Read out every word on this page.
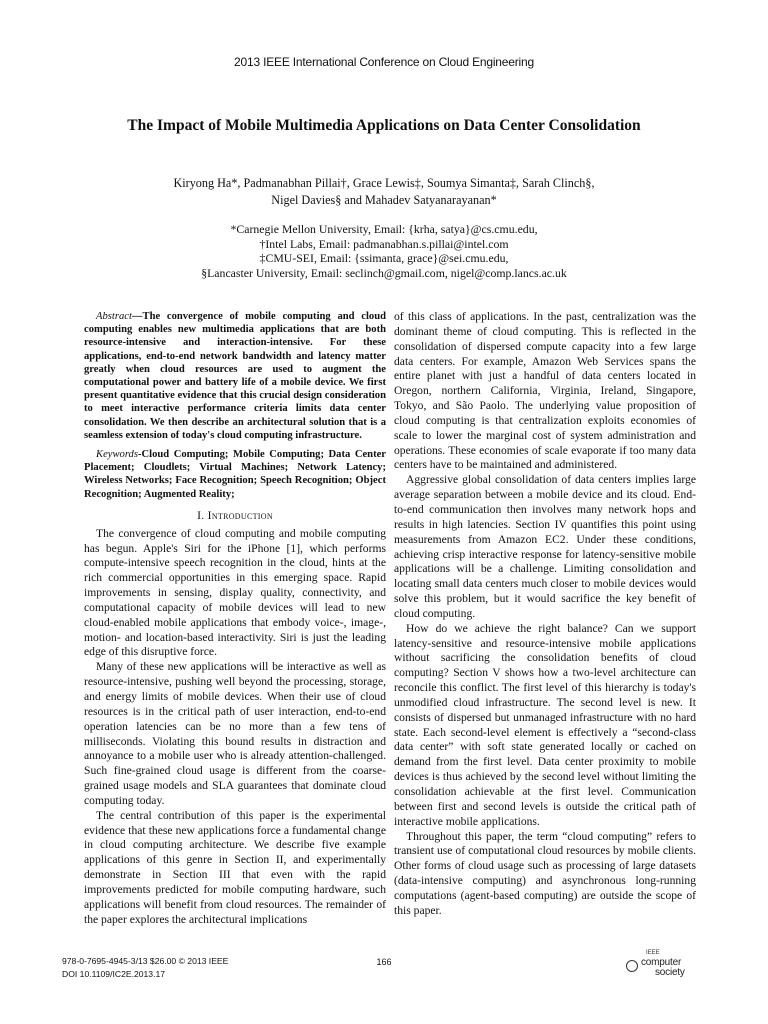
2013 IEEE International Conference on Cloud Engineering
The Impact of Mobile Multimedia Applications on Data Center Consolidation
Kiryong Ha*, Padmanabhan Pillai†, Grace Lewis‡, Soumya Simanta‡, Sarah Clinch§,
Nigel Davies§ and Mahadev Satyanarayanan*
*Carnegie Mellon University, Email: {krha, satya}@cs.cmu.edu,
†Intel Labs, Email: padmanabhan.s.pillai@intel.com
‡CMU-SEI, Email: {ssimanta, grace}@sei.cmu.edu,
§Lancaster University, Email: seclinch@gmail.com, nigel@comp.lancs.ac.uk

Abstract—The convergence of mobile computing and cloud computing enables new multimedia applications that are both resource-intensive and interaction-intensive. For these applications, end-to-end network bandwidth and latency matter greatly when cloud resources are used to augment the computational power and battery life of a mobile device. We first present quantitative evidence that this crucial design consideration to meet interactive performance criteria limits data center consolidation. We then describe an architectural solution that is a seamless extension of today's cloud computing infrastructure.

Keywords-Cloud Computing; Mobile Computing; Data Center Placement; Cloudlets; Virtual Machines; Network Latency; Wireless Networks; Face Recognition; Speech Recognition; Object Recognition; Augmented Reality;

I. Introduction

The convergence of cloud computing and mobile computing has begun. Apple's Siri for the iPhone [1], which performs compute-intensive speech recognition in the cloud, hints at the rich commercial opportunities in this emerging space. Rapid improvements in sensing, display quality, connectivity, and computational capacity of mobile devices will lead to new cloud-enabled mobile applications that embody voice-, image-, motion- and location-based interactivity. Siri is just the leading edge of this disruptive force.

Many of these new applications will be interactive as well as resource-intensive, pushing well beyond the processing, storage, and energy limits of mobile devices. When their use of cloud resources is in the critical path of user interaction, end-to-end operation latencies can be no more than a few tens of milliseconds. Violating this bound results in distraction and annoyance to a mobile user who is already attention-challenged. Such fine-grained cloud usage is different from the coarse-grained usage models and SLA guarantees that dominate cloud computing today.

The central contribution of this paper is the experimental evidence that these new applications force a fundamental change in cloud computing architecture. We describe five example applications of this genre in Section II, and experimentally demonstrate in Section III that even with the rapid improvements predicted for mobile computing hardware, such applications will benefit from cloud resources. The remainder of the paper explores the architectural implications

of this class of applications. In the past, centralization was the dominant theme of cloud computing. This is reflected in the consolidation of dispersed compute capacity into a few large data centers. For example, Amazon Web Services spans the entire planet with just a handful of data centers located in Oregon, northern California, Virginia, Ireland, Singapore, Tokyo, and São Paolo. The underlying value proposition of cloud computing is that centralization exploits economies of scale to lower the marginal cost of system administration and operations. These economies of scale evaporate if too many data centers have to be maintained and administered.

Aggressive global consolidation of data centers implies large average separation between a mobile device and its cloud. End-to-end communication then involves many network hops and results in high latencies. Section IV quantifies this point using measurements from Amazon EC2. Under these conditions, achieving crisp interactive response for latency-sensitive mobile applications will be a challenge. Limiting consolidation and locating small data centers much closer to mobile devices would solve this problem, but it would sacrifice the key benefit of cloud computing.

How do we achieve the right balance? Can we support latency-sensitive and resource-intensive mobile applications without sacrificing the consolidation benefits of cloud computing? Section V shows how a two-level architecture can reconcile this conflict. The first level of this hierarchy is today's unmodified cloud infrastructure. The second level is new. It consists of dispersed but unmanaged infrastructure with no hard state. Each second-level element is effectively a “second-class data center” with soft state generated locally or cached on demand from the first level. Data center proximity to mobile devices is thus achieved by the second level without limiting the consolidation achievable at the first level. Communication between first and second levels is outside the critical path of interactive mobile applications.

Throughout this paper, the term “cloud computing” refers to transient use of computational cloud resources by mobile clients. Other forms of cloud usage such as processing of large datasets (data-intensive computing) and asynchronous long-running computations (agent-based computing) are outside the scope of this paper.

978-0-7695-4945-3/13 $26.00 © 2013 IEEE
DOI 10.1109/IC2E.2013.17
166
IEEE
computer
society
